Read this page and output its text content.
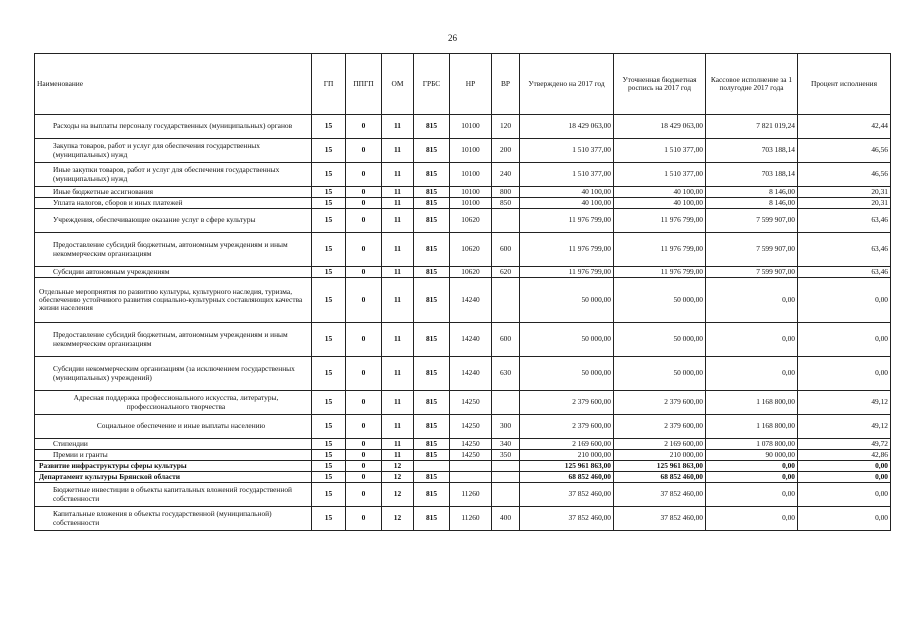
26
Наименование	ГП	ППГП	ОМ	ГРБС	НР	ВР	Утверждено на 2017 год	Уточненная бюджетная роспись на 2017 год	Кассовое исполнение за 1 полугодие 2017 года	Процент исполнения
Расходы на выплаты персоналу государственных (муниципальных) органов	15	0	11	815	10100	120	18 429 063,00	18 429 063,00	7 821 019,24	42,44
Закупка товаров, работ и услуг для обеспечения государственных (муниципальных) нужд	15	0	11	815	10100	200	1 510 377,00	1 510 377,00	703 188,14	46,56
Иные закупки товаров, работ и услуг для обеспечения государственных (муниципальных) нужд	15	0	11	815	10100	240	1 510 377,00	1 510 377,00	703 188,14	46,56
Иные бюджетные ассигнования	15	0	11	815	10100	800	40 100,00	40 100,00	8 146,00	20,31
Уплата налогов, сборов и иных платежей	15	0	11	815	10100	850	40 100,00	40 100,00	8 146,00	20,31
Учреждения, обеспечивающие оказание услуг в сфере культуры	15	0	11	815	10620		11 976 799,00	11 976 799,00	7 599 907,00	63,46
Предоставление субсидий бюджетным, автономным учреждениям и иным некоммерческим организациям	15	0	11	815	10620	600	11 976 799,00	11 976 799,00	7 599 907,00	63,46
Субсидии автономным учреждениям	15	0	11	815	10620	620	11 976 799,00	11 976 799,00	7 599 907,00	63,46
Отдельные мероприятия по развитию культуры, культурного наследия, туризма, обеспечению устойчивого развития социально-культурных составляющих качества жизни населения	15	0	11	815	14240		50 000,00	50 000,00	0,00	0,00
Предоставление субсидий бюджетным, автономным учреждениям и иным некоммерческим организациям	15	0	11	815	14240	600	50 000,00	50 000,00	0,00	0,00
Субсидии некоммерческим организациям (за исключением государственных (муниципальных) учреждений)	15	0	11	815	14240	630	50 000,00	50 000,00	0,00	0,00
Адресная поддержка профессионального искусства, литературы, профессионального творчества	15	0	11	815	14250		2 379 600,00	2 379 600,00	1 168 800,00	49,12
Социальное обеспечение и иные выплаты населению	15	0	11	815	14250	300	2 379 600,00	2 379 600,00	1 168 800,00	49,12
Стипендии	15	0	11	815	14250	340	2 169 600,00	2 169 600,00	1 078 800,00	49,72
Премии и гранты	15	0	11	815	14250	350	210 000,00	210 000,00	90 000,00	42,86
Развитие инфраструктуры сферы культуры	15	0	12				125 961 863,00	125 961 863,00	0,00	0,00
Департамент культуры Брянской области	15	0	12	815			68 852 460,00	68 852 460,00	0,00	0,00
Бюджетные инвестиции в объекты капитальных вложений государственной собственности	15	0	12	815	11260		37 852 460,00	37 852 460,00	0,00	0,00
Капитальные вложения в объекты государственной (муниципальной) собственности	15	0	12	815	11260	400	37 852 460,00	37 852 460,00	0,00	0,00
